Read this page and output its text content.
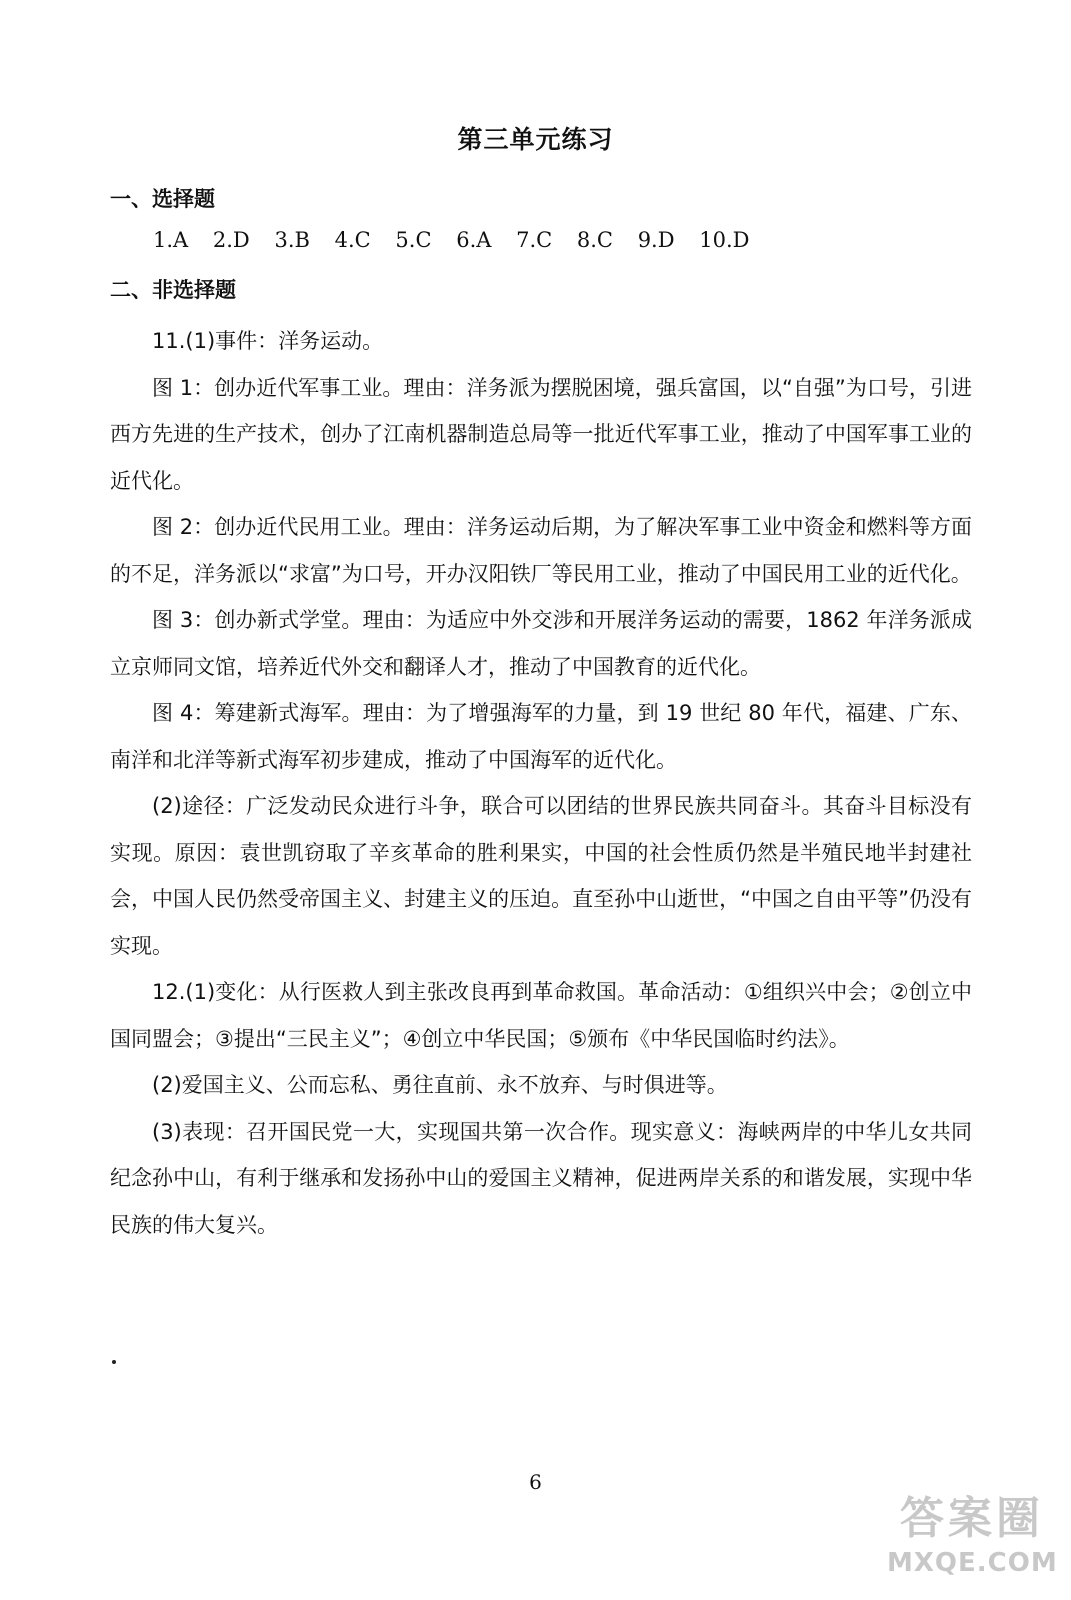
第三单元练习
一、选择题
1.A 2.D 3.B 4.C 5.C 6.A 7.C 8.C 9.D 10.D
二、非选择题

11.(1)事件：洋务运动。

图 1：创办近代军事工业。理由：洋务派为摆脱困境，强兵富国，以“自强”为口号，引进西方先进的生产技术，创办了江南机器制造总局等一批近代军事工业，推动了中国军事工业的近代化。

图 2：创办近代民用工业。理由：洋务运动后期，为了解决军事工业中资金和燃料等方面的不足，洋务派以“求富”为口号，开办汉阳铁厂等民用工业，推动了中国民用工业的近代化。

图 3：创办新式学堂。理由：为适应中外交涉和开展洋务运动的需要，1862 年洋务派成立京师同文馆，培养近代外交和翻译人才，推动了中国教育的近代化。

图 4：筹建新式海军。理由：为了增强海军的力量，到 19 世纪 80 年代，福建、广东、南洋和北洋等新式海军初步建成，推动了中国海军的近代化。

(2)途径：广泛发动民众进行斗争，联合可以团结的世界民族共同奋斗。其奋斗目标没有实现。原因：袁世凯窃取了辛亥革命的胜利果实，中国的社会性质仍然是半殖民地半封建社会，中国人民仍然受帝国主义、封建主义的压迫。直至孙中山逝世，“中国之自由平等”仍没有实现。

12.(1)变化：从行医救人到主张改良再到革命救国。革命活动：①组织兴中会；②创立中国同盟会；③提出“三民主义”；④创立中华民国；⑤颁布《中华民国临时约法》。

(2)爱国主义、公而忘私、勇往直前、永不放弃、与时俱进等。

(3)表现：召开国民党一大，实现国共第一次合作。现实意义：海峡两岸的中华儿女共同纪念孙中山，有利于继承和发扬孙中山的爱国主义精神，促进两岸关系的和谐发展，实现中华民族的伟大复兴。

6
答案圈
MXQE.COM
